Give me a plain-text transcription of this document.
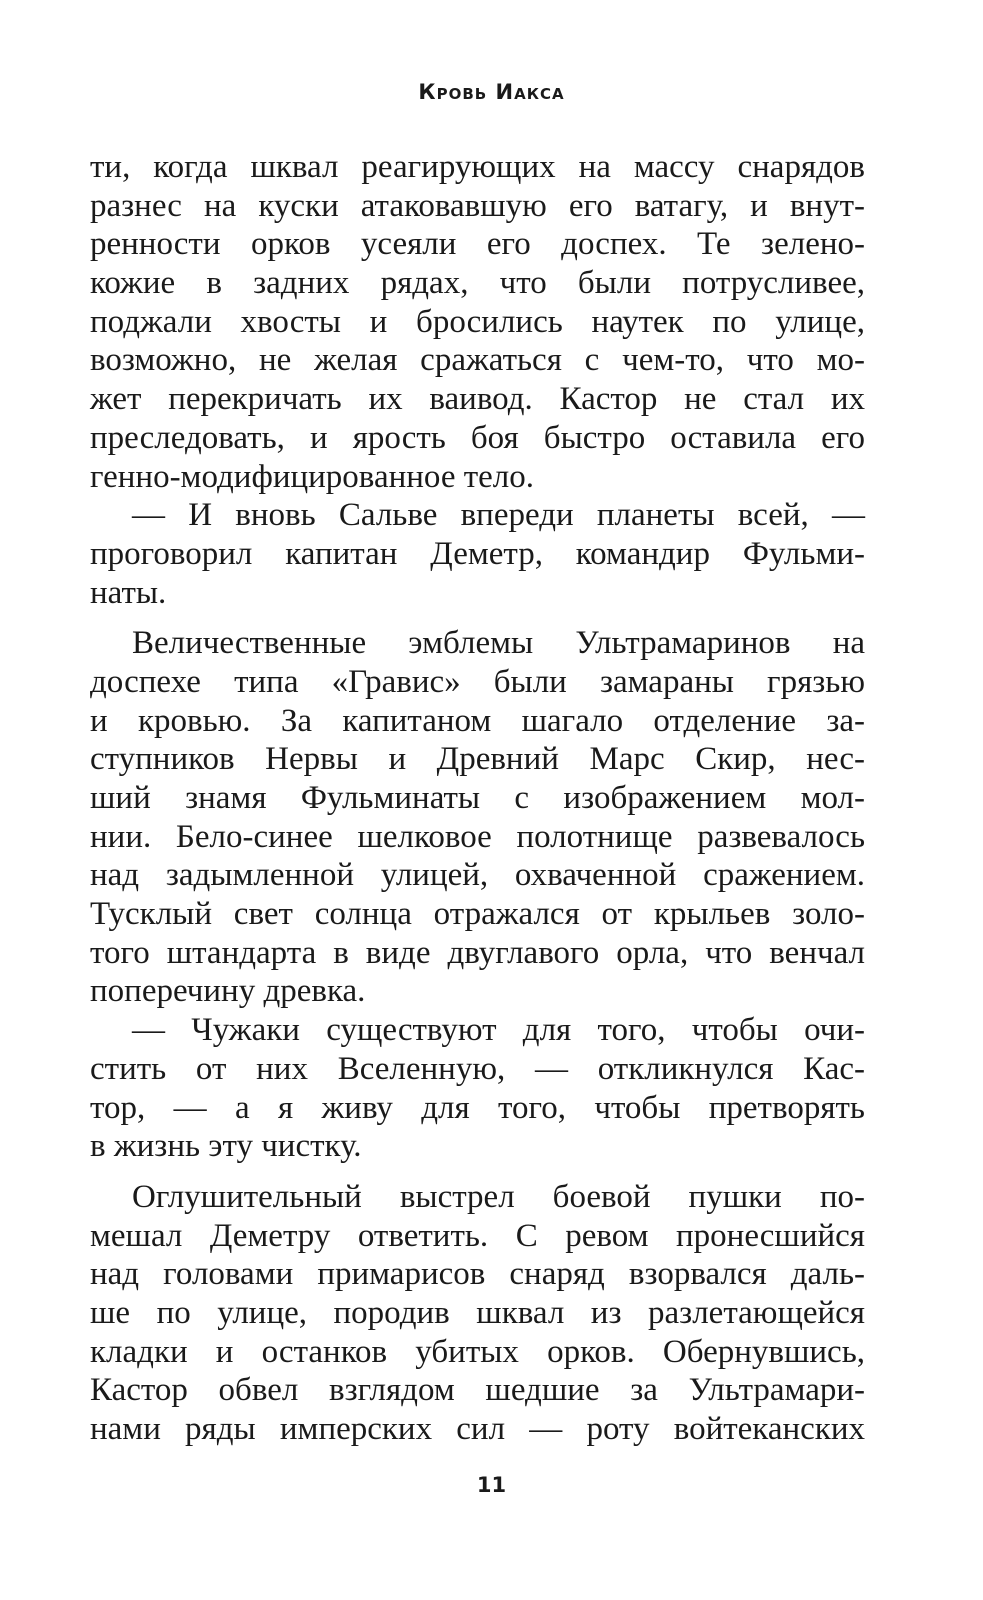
Кровь Иакса
ти, когда шквал реагирующих на массу снарядов
разнес на куски атаковавшую его ватагу, и внут-
ренности орков усеяли его доспех. Те зелено-
кожие в задних рядах, что были потрусливее,
поджали хвосты и бросились наутек по улице,
возможно, не желая сражаться с чем-то, что мо-
жет перекричать их ваивод. Кастор не стал их
преследовать, и ярость боя быстро оставила его
генно-модифицированное тело.
— И вновь Сальве впереди планеты всей, —
проговорил капитан Деметр, командир Фульми-
наты.
Величественные эмблемы Ультрамаринов на
доспехе типа «Гравис» были замараны грязью
и кровью. За капитаном шагало отделение за-
ступников Нервы и Древний Марс Скир, нес-
ший знамя Фульминаты с изображением мол-
нии. Бело-синее шелковое полотнище развевалось
над задымленной улицей, охваченной сражением.
Тусклый свет солнца отражался от крыльев золо-
того штандарта в виде двуглавого орла, что венчал
поперечину древка.
— Чужаки существуют для того, чтобы очи-
стить от них Вселенную, — откликнулся Кас-
тор, — а я живу для того, чтобы претворять
в жизнь эту чистку.
Оглушительный выстрел боевой пушки по-
мешал Деметру ответить. С ревом пронесшийся
над головами примарисов снаряд взорвался даль-
ше по улице, породив шквал из разлетающейся
кладки и останков убитых орков. Обернувшись,
Кастор обвел взглядом шедшие за Ультрамари-
нами ряды имперских сил — роту войтеканских
11
